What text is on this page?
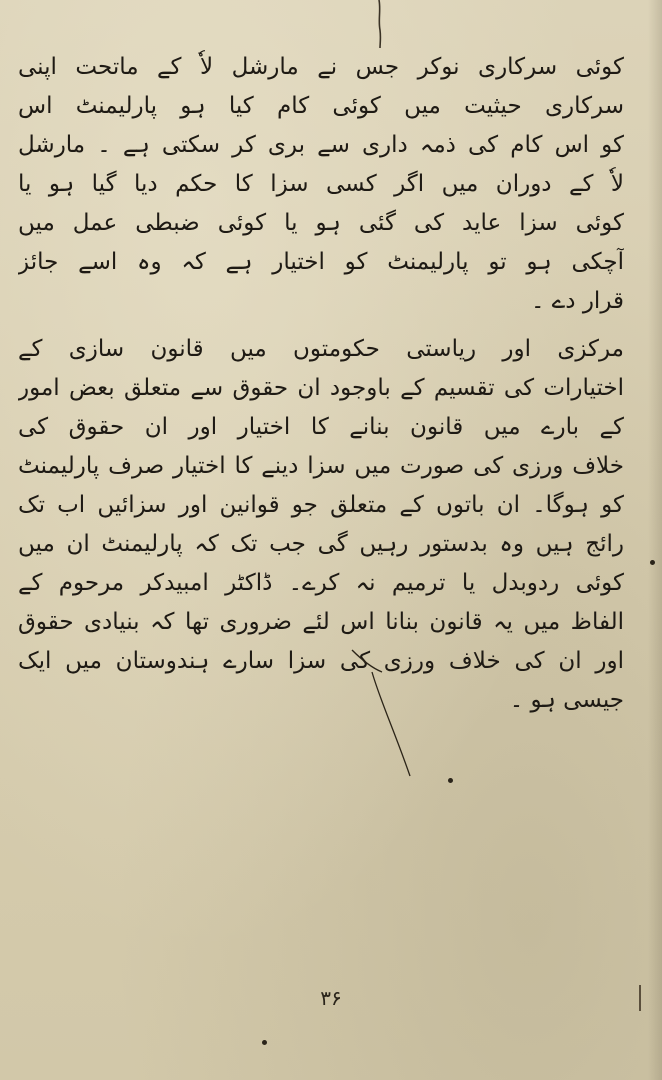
کوئی سرکاری نوکر جس نے مارشل لاٗ کے ماتحت اپنی
سرکاری حیثیت میں کوئی کام کیا ہو پارلیمنٹ اس
کو اس کام کی ذمہ داری سے بری کر سکتی ہے ۔ مارشل
لاٗ کے دوران میں اگر کسی سزا کا حکم دیا گیا ہو یا
کوئی سزا عاید کی گئی ہو یا کوئی ضبطی عمل میں
آچکی ہو تو پارلیمنٹ کو اختیار ہے کہ وہ اسے جائز
قرار دے ۔
مرکزی اور ریاستی حکومتوں میں قانون سازی کے
اختیارات کی تقسیم کے باوجود ان حقوق سے متعلق بعض امور
کے بارے میں قانون بنانے کا اختیار اور ان حقوق کی
خلاف ورزی کی صورت میں سزا دینے کا اختیار صرف پارلیمنٹ
کو ہوگا۔ ان باتوں کے متعلق جو قوانین اور سزائیں اب تک
رائج ہیں وہ بدستور رہیں گی جب تک کہ پارلیمنٹ ان میں
کوئی ردوبدل یا ترمیم نہ کرے۔ ڈاکٹر امبیدکر مرحوم کے
الفاظ میں یہ قانون بنانا اس لئے ضروری تھا کہ بنیادی حقوق
اور ان کی خلاف ورزی کی سزا سارے ہندوستان میں ایک
جیسی ہو ۔
۳۶
